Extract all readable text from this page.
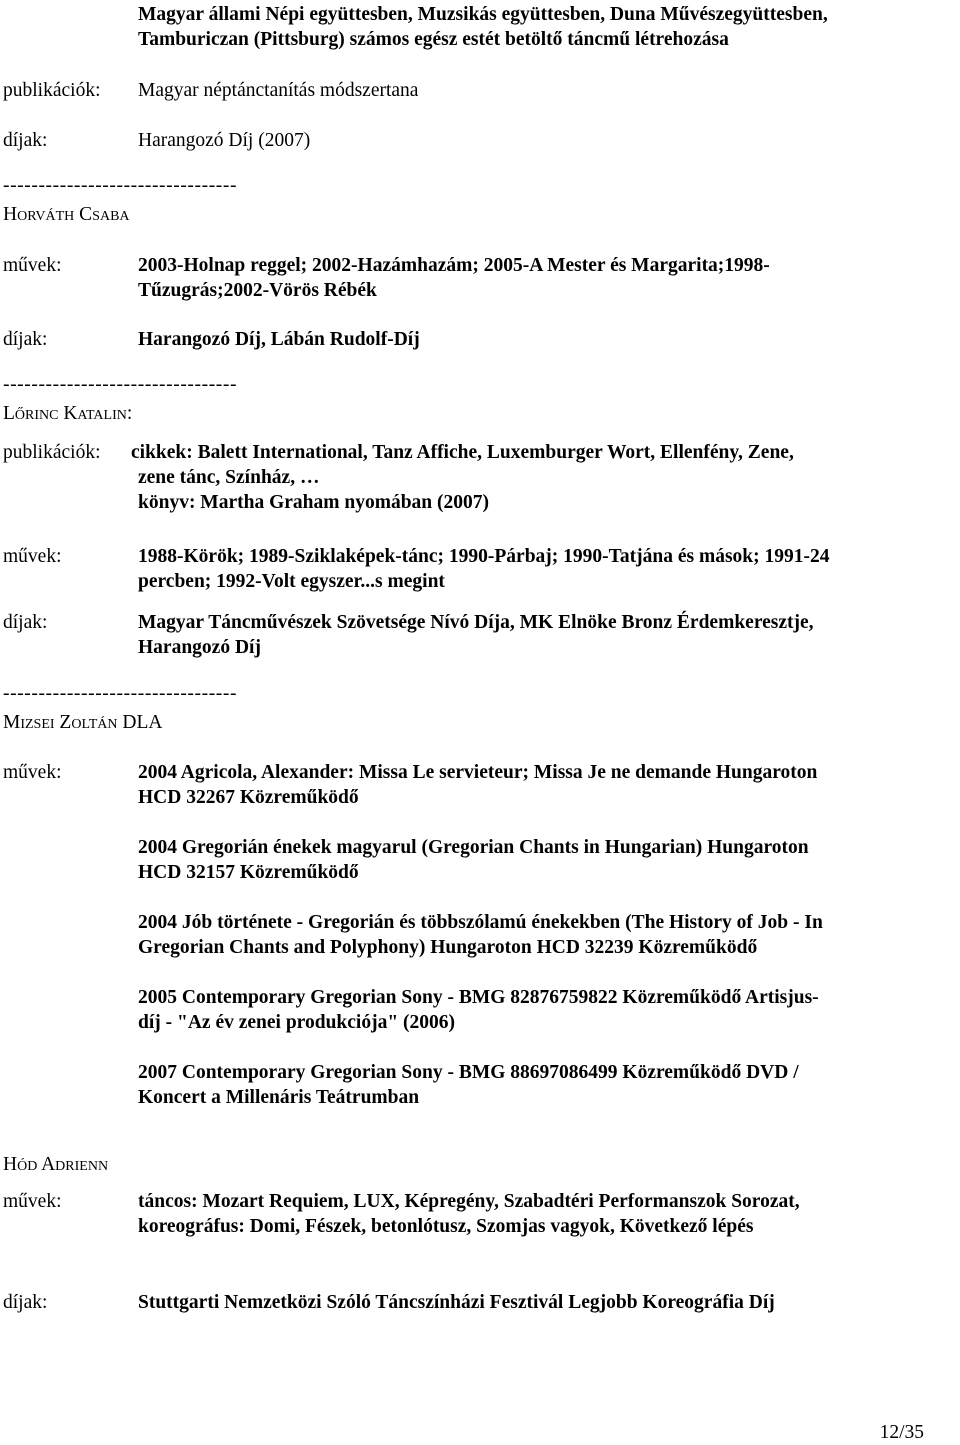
Magyar állami Népi együttesben, Muzsikás együttesben, Duna Művészegyüttesben,
Tamburiczan (Pittsburg) számos egész estét betöltő táncmű létrehozása
publikációk: Magyar néptánctanítás módszertana
díjak:	Harangozó Díj (2007)
---------------------------------
Horváth Csaba
művek:	2003-Holnap reggel; 2002-Hazámhazám; 2005-A Mester és Margarita;1998-
Tűzugrás;2002-Vörös Rébék
díjak:	Harangozó Díj, Lábán Rudolf-Díj
---------------------------------
Lőrinc Katalin:
publikációk: cikkek: Balett International, Tanz Affiche, Luxemburger Wort, Ellenfény, Zene,
zene tánc, Színház, …
könyv: Martha Graham nyomában (2007)
művek:	1988-Körök; 1989-Sziklaképek-tánc; 1990-Párbaj; 1990-Tatjána és mások; 1991-24
percben; 1992-Volt egyszer...s megint
díjak:	Magyar Táncművészek Szövetsége Nívó Díja, MK Elnöke Bronz Érdemkeresztje,
Harangozó Díj
---------------------------------
Mizsei Zoltán DLA
művek:	2004 Agricola, Alexander: Missa Le servieteur; Missa Je ne demande Hungaroton
HCD 32267 Közreműködő
2004 Gregorián énekek magyarul (Gregorian Chants in Hungarian) Hungaroton
HCD 32157 Közreműködő
2004 Jób története - Gregorián és többszólamú énekekben (The History of Job - In
Gregorian Chants and Polyphony) Hungaroton HCD 32239 Közreműködő
2005 Contemporary Gregorian Sony - BMG 82876759822 Közreműködő Artisjus-
díj - "Az év zenei produkciója" (2006)
2007 Contemporary Gregorian Sony - BMG 88697086499 Közreműködő DVD /
Koncert a Millenáris Teátrumban
Hód Adrienn
művek:	táncos: Mozart Requiem, LUX, Képregény, Szabadtéri Performanszok Sorozat,
koreográfus: Domi, Fészek, betonlótusz, Szomjas vagyok, Következő lépés
díjak:	Stuttgarti Nemzetközi Szóló Táncszínházi Fesztivál Legjobb Koreográfia Díj
12/35
